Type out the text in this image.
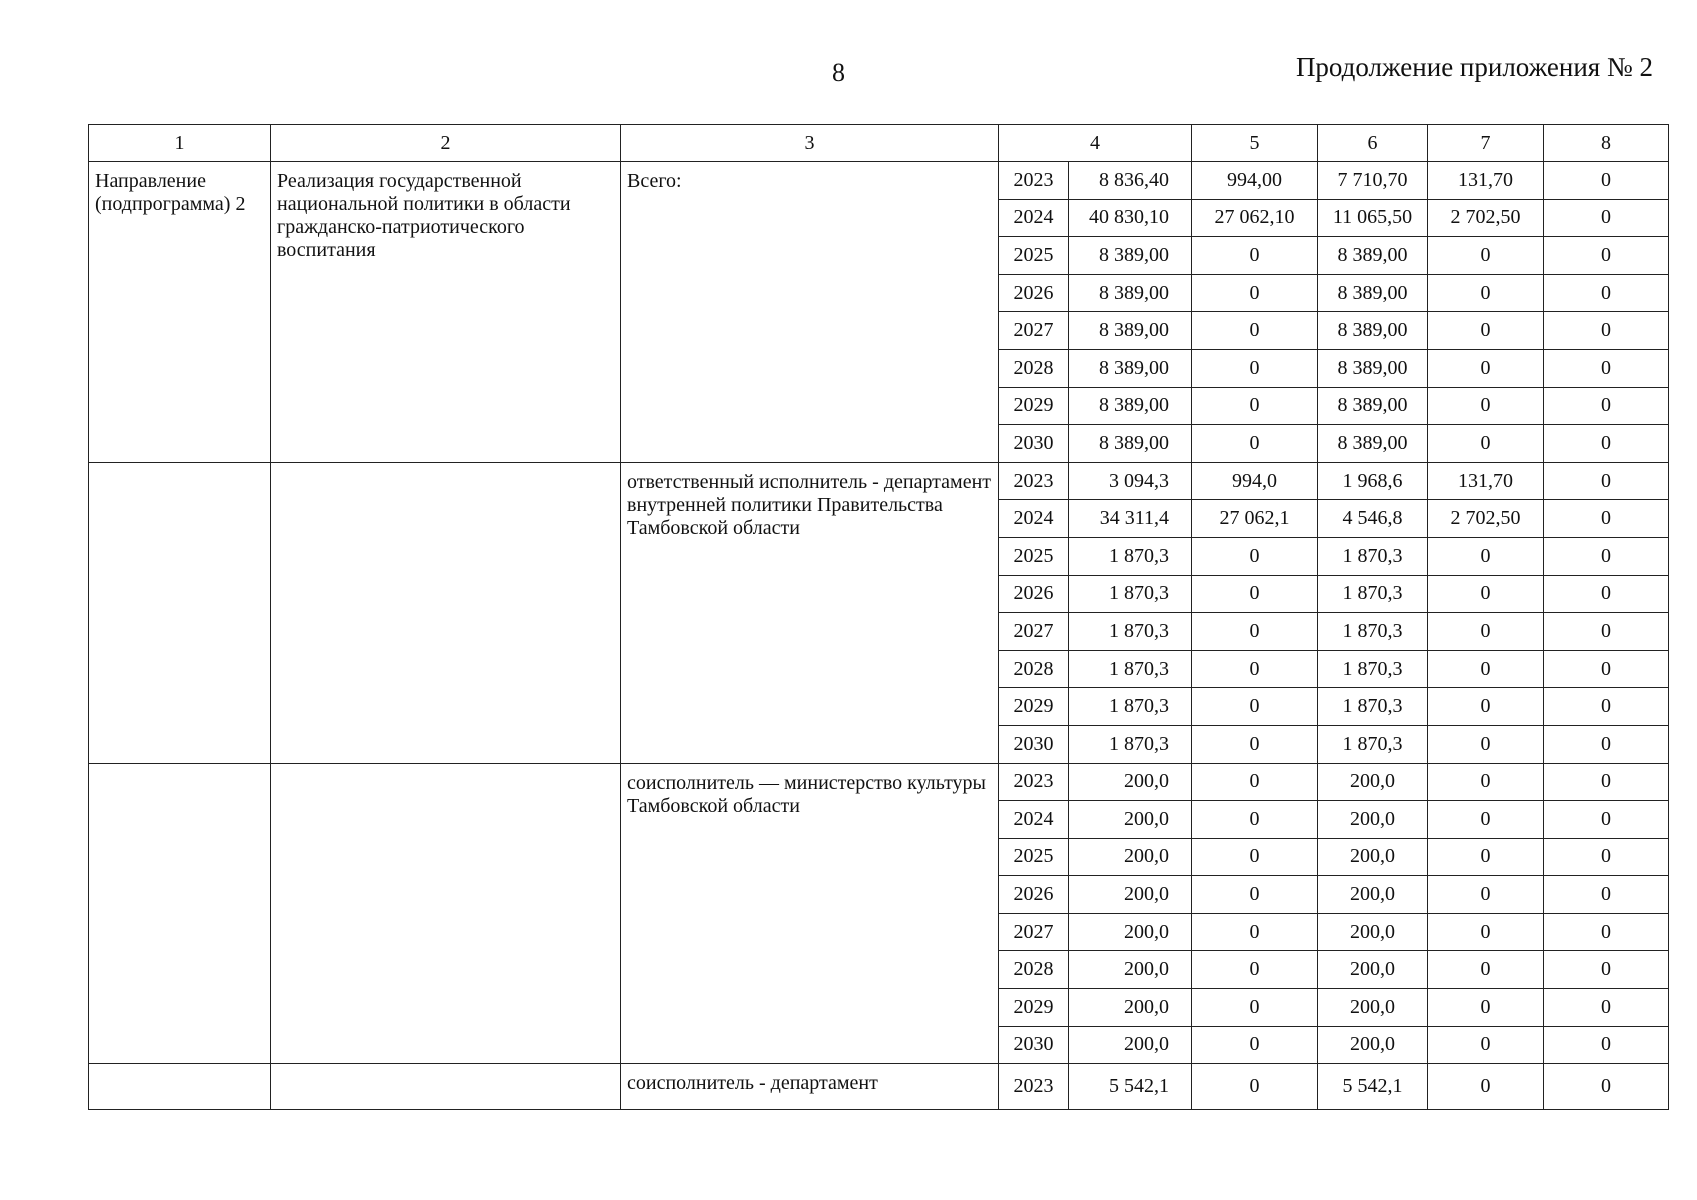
8	Продолжение приложения № 2
1	2	3	4		5	6	7	8
Направление (подпрограмма) 2	Реализация государственной национальной политики в области гражданско-патриотического воспитания	Всего:	2023	8 836,40	994,00	7 710,70	131,70	0
			2024	40 830,10	27 062,10	11 065,50	2 702,50	0
			2025	8 389,00	0	8 389,00	0	0
			2026	8 389,00	0	8 389,00	0	0
			2027	8 389,00	0	8 389,00	0	0
			2028	8 389,00	0	8 389,00	0	0
			2029	8 389,00	0	8 389,00	0	0
			2030	8 389,00	0	8 389,00	0	0
		ответственный исполнитель - департамент внутренней политики Правительства Тамбовской области	2023	3 094,3	994,0	1 968,6	131,70	0
			2024	34 311,4	27 062,1	4 546,8	2 702,50	0
			2025	1 870,3	0	1 870,3	0	0
			2026	1 870,3	0	1 870,3	0	0
			2027	1 870,3	0	1 870,3	0	0
			2028	1 870,3	0	1 870,3	0	0
			2029	1 870,3	0	1 870,3	0	0
			2030	1 870,3	0	1 870,3	0	0
		соисполнитель — министерство культуры Тамбовской области	2023	200,0	0	200,0	0	0
			2024	200,0	0	200,0	0	0
			2025	200,0	0	200,0	0	0
			2026	200,0	0	200,0	0	0
			2027	200,0	0	200,0	0	0
			2028	200,0	0	200,0	0	0
			2029	200,0	0	200,0	0	0
			2030	200,0	0	200,0	0	0
		соисполнитель - департамент	2023	5 542,1	0	5 542,1	0	0
